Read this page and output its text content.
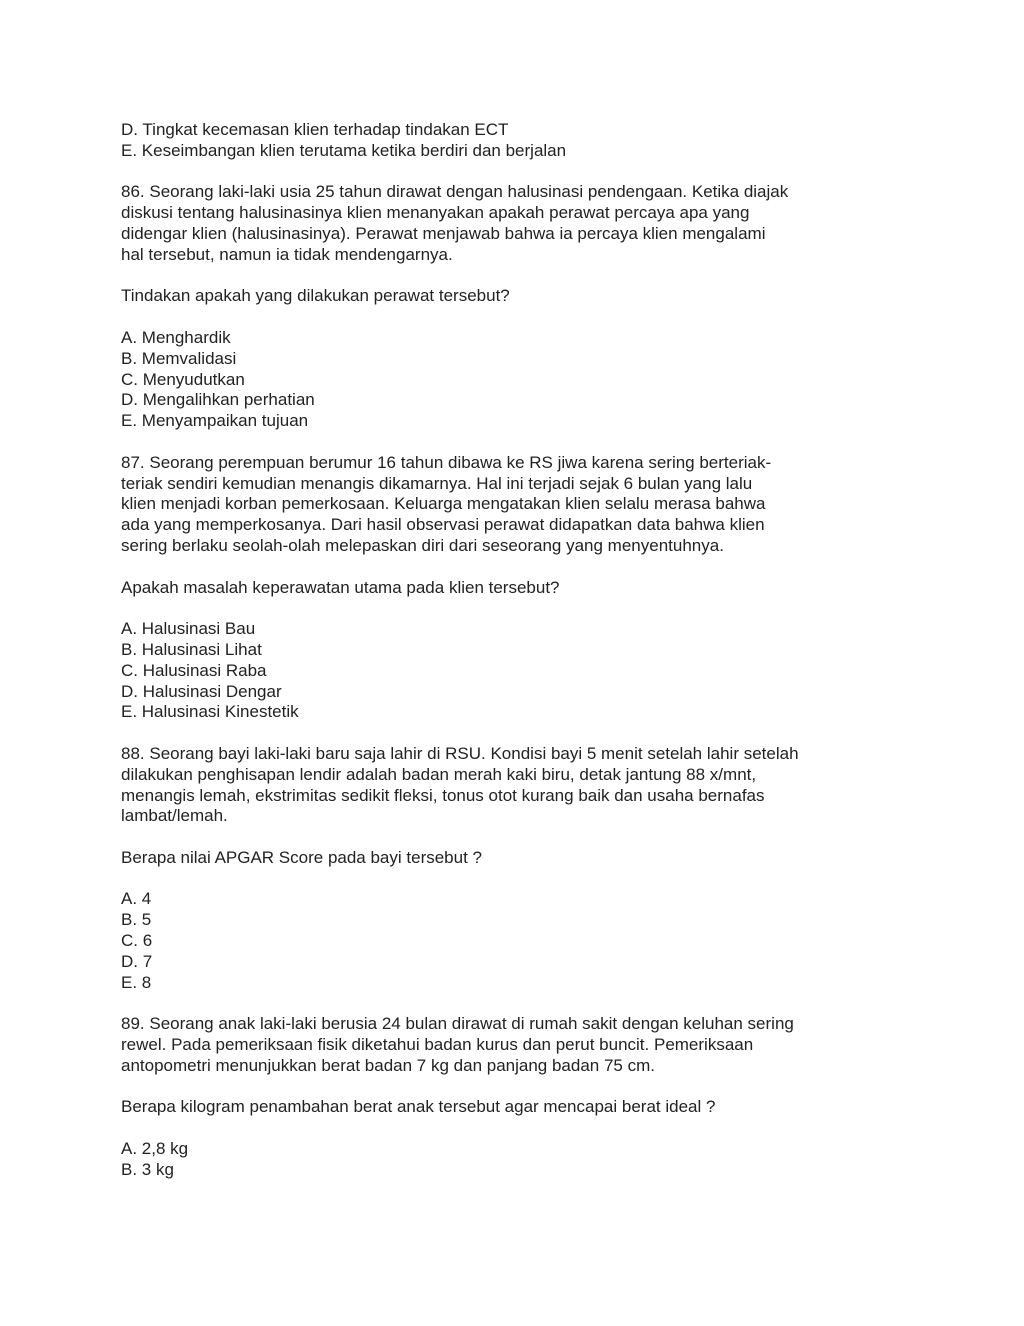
D. Tingkat kecemasan klien terhadap tindakan ECT
E. Keseimbangan klien terutama ketika berdiri dan berjalan
86. Seorang laki-laki usia 25 tahun dirawat dengan halusinasi pendengaan. Ketika diajak
diskusi tentang halusinasinya klien menanyakan apakah perawat percaya apa yang
didengar klien (halusinasinya). Perawat menjawab bahwa ia percaya klien mengalami
hal tersebut, namun ia tidak mendengarnya.
Tindakan apakah yang dilakukan perawat tersebut?
A. Menghardik
B. Memvalidasi
C. Menyudutkan
D. Mengalihkan perhatian
E. Menyampaikan tujuan
87. Seorang perempuan berumur 16 tahun dibawa ke RS jiwa karena sering berteriak-
teriak sendiri kemudian menangis dikamarnya. Hal ini terjadi sejak 6 bulan yang lalu
klien menjadi korban pemerkosaan. Keluarga mengatakan klien selalu merasa bahwa
ada yang memperkosanya. Dari hasil observasi perawat didapatkan data bahwa klien
sering berlaku seolah-olah melepaskan diri dari seseorang yang menyentuhnya.
Apakah masalah keperawatan utama pada klien tersebut?
A. Halusinasi Bau
B. Halusinasi Lihat
C. Halusinasi Raba
D. Halusinasi Dengar
E. Halusinasi Kinestetik
88. Seorang bayi laki-laki baru saja lahir di RSU. Kondisi bayi 5 menit setelah lahir setelah
dilakukan penghisapan lendir adalah badan merah kaki biru, detak jantung 88 x/mnt,
menangis lemah, ekstrimitas sedikit fleksi, tonus otot kurang baik dan usaha bernafas
lambat/lemah.
Berapa nilai APGAR Score pada bayi tersebut ?
A. 4
B. 5
C. 6
D. 7
E. 8
89. Seorang anak laki-laki berusia 24 bulan dirawat di rumah sakit dengan keluhan sering
rewel. Pada pemeriksaan fisik diketahui badan kurus dan perut buncit. Pemeriksaan
antopometri menunjukkan berat badan 7 kg dan panjang badan 75 cm.
Berapa kilogram penambahan berat anak tersebut agar mencapai berat ideal ?
A. 2,8 kg
B. 3 kg
